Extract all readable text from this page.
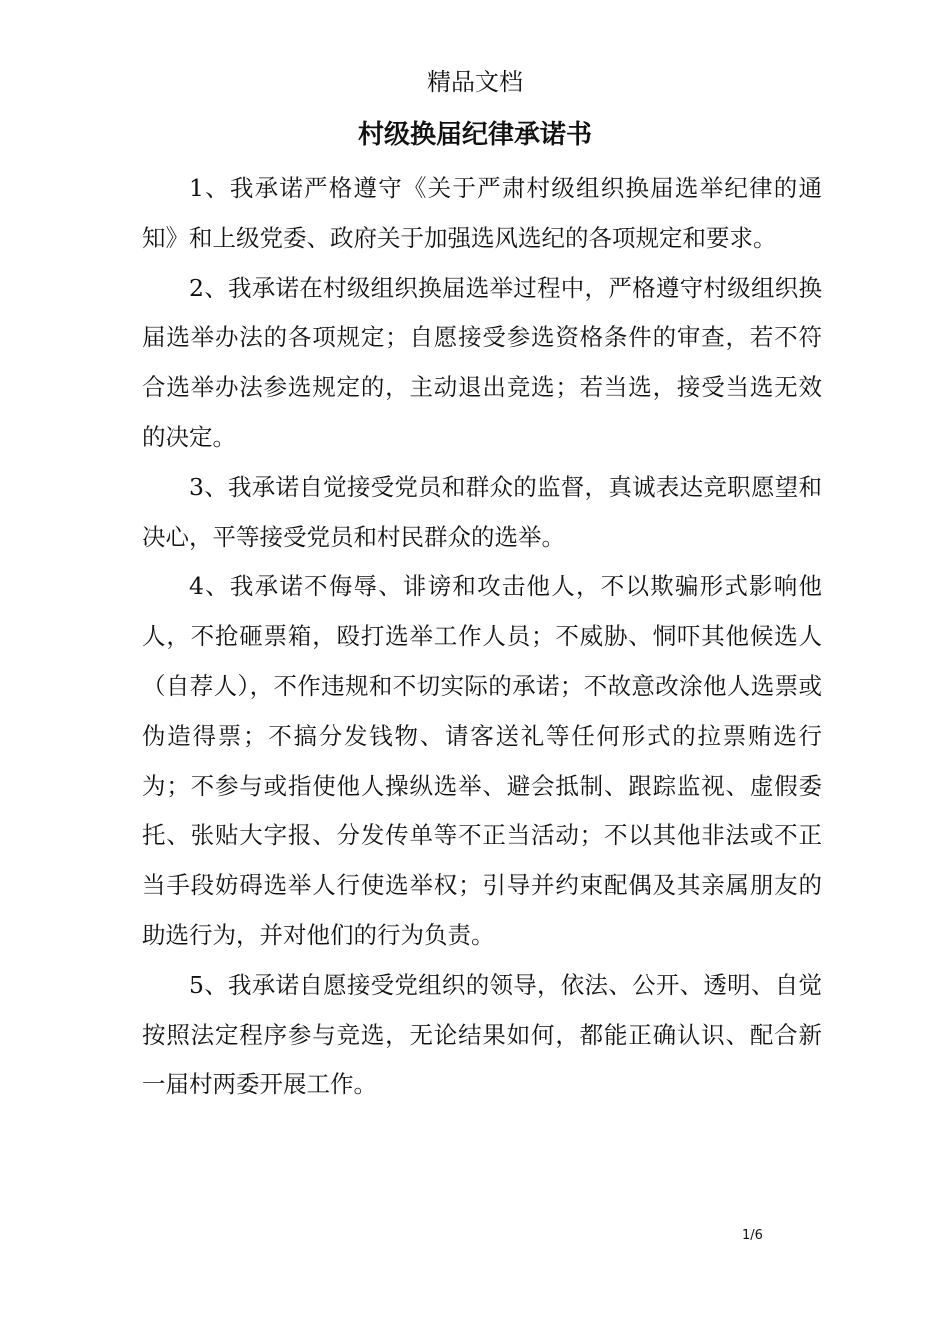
精品文档
村级换届纪律承诺书

1、我承诺严格遵守《关于严肃村级组织换届选举纪律的通知》和上级党委、政府关于加强选风选纪的各项规定和要求。

2、我承诺在村级组织换届选举过程中，严格遵守村级组织换届选举办法的各项规定；自愿接受参选资格条件的审查，若不符合选举办法参选规定的，主动退出竞选；若当选，接受当选无效的决定。

3、我承诺自觉接受党员和群众的监督，真诚表达竞职愿望和决心，平等接受党员和村民群众的选举。

4、我承诺不侮辱、诽谤和攻击他人，不以欺骗形式影响他人，不抢砸票箱，殴打选举工作人员；不威胁、恫吓其他候选人（自荐人），不作违规和不切实际的承诺；不故意改涂他人选票或伪造得票；不搞分发钱物、请客送礼等任何形式的拉票贿选行为；不参与或指使他人操纵选举、避会抵制、跟踪监视、虚假委托、张贴大字报、分发传单等不正当活动；不以其他非法或不正当手段妨碍选举人行使选举权；引导并约束配偶及其亲属朋友的助选行为，并对他们的行为负责。

5、我承诺自愿接受党组织的领导，依法、公开、透明、自觉按照法定程序参与竞选，无论结果如何，都能正确认识、配合新一届村两委开展工作。

1/6
